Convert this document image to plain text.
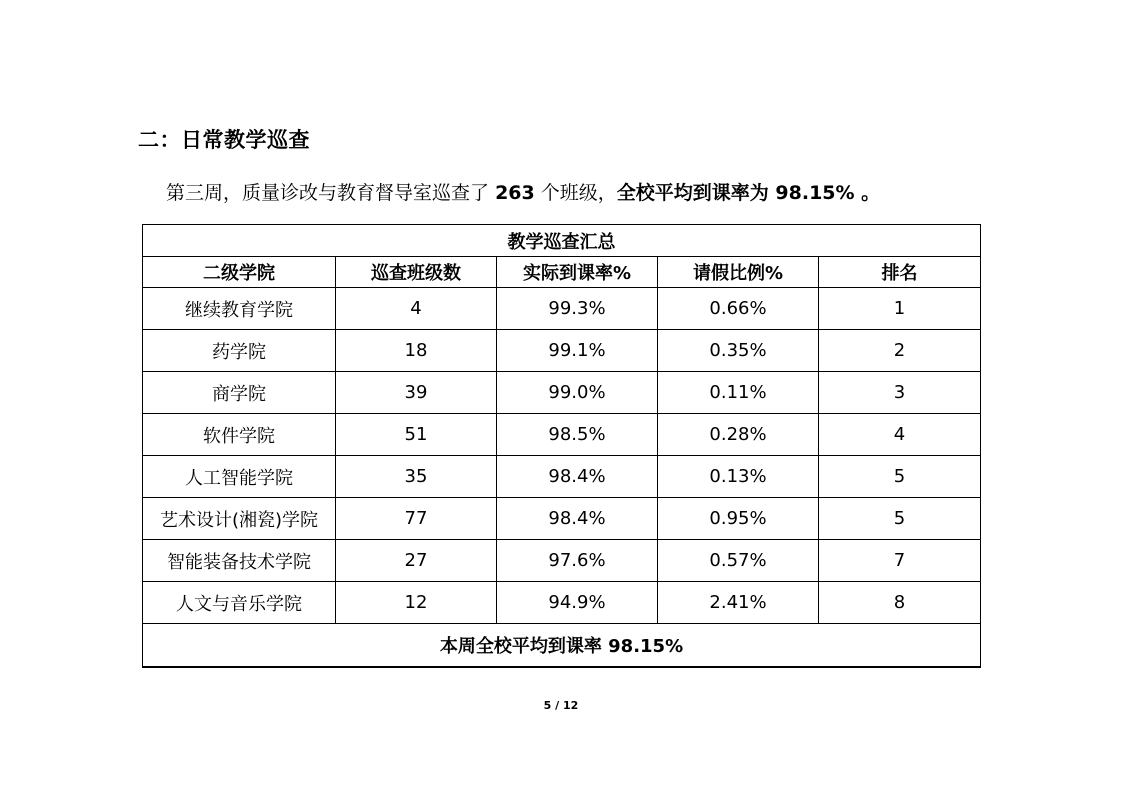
二：日常教学巡查
第三周，质量诊改与教育督导室巡查了 263 个班级，全校平均到课率为 98.15% 。
教学巡查汇总				
二级学院	巡查班级数	实际到课率%	请假比例%	排名
继续教育学院	4	99.3%	0.66%	1
药学院	18	99.1%	0.35%	2
商学院	39	99.0%	0.11%	3
软件学院	51	98.5%	0.28%	4
人工智能学院	35	98.4%	0.13%	5
艺术设计(湘瓷)学院	77	98.4%	0.95%	5
智能装备技术学院	27	97.6%	0.57%	7
人文与音乐学院	12	94.9%	2.41%	8
本周全校平均到课率 98.15%				
5 / 12
